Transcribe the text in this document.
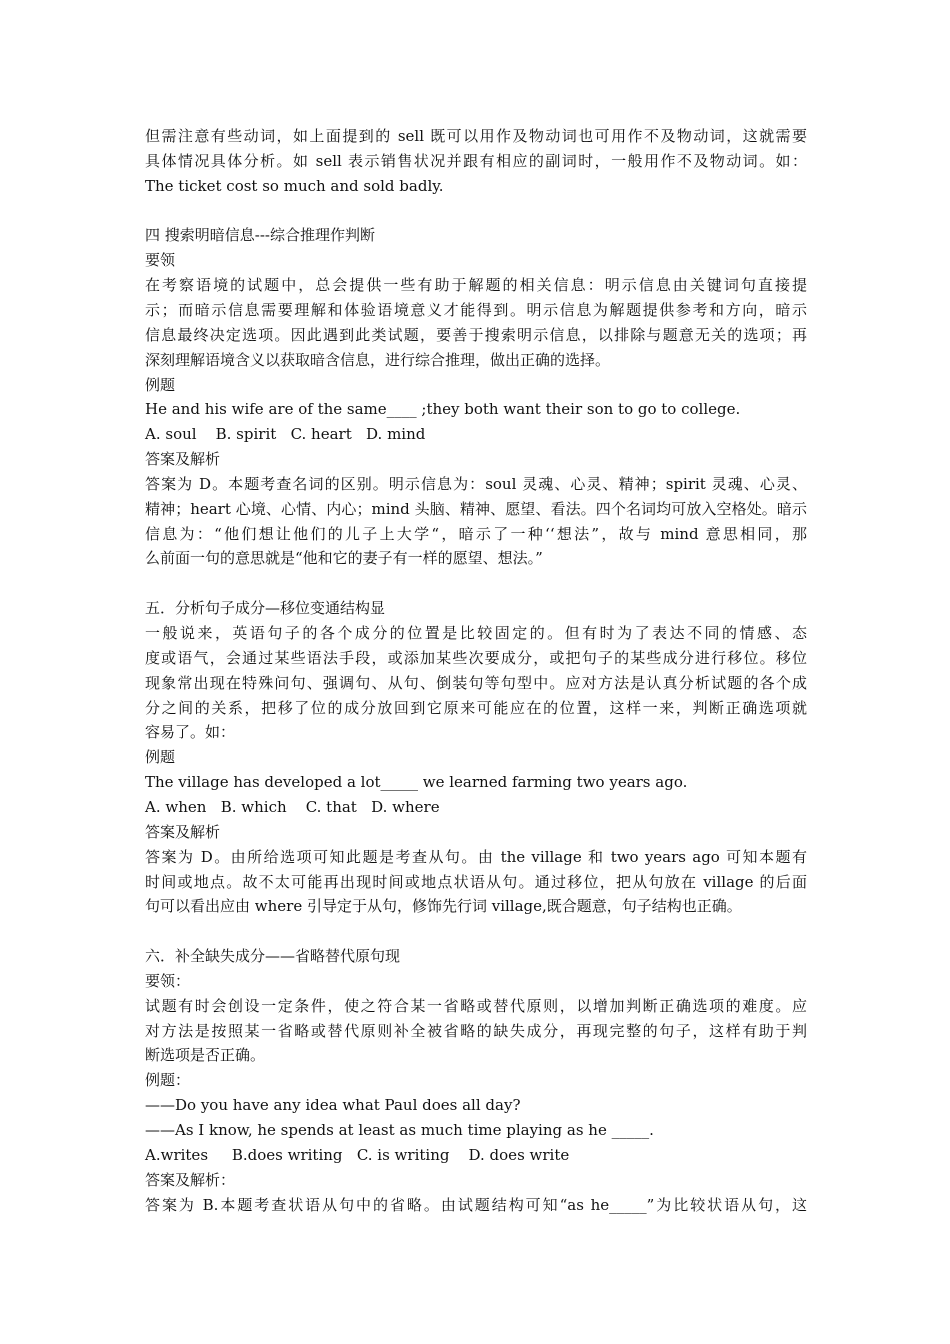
但需注意有些动词，如上面提到的 sell 既可以用作及物动词也可用作不及物动词，这就需要
具体情况具体分析。如 sell 表示销售状况并跟有相应的副词时，一般用作不及物动词。如：
The ticket cost so much and sold badly.
四 搜索明暗信息---综合推理作判断
要领
在考察语境的试题中，总会提供一些有助于解题的相关信息：明示信息由关键词句直接提
示；而暗示信息需要理解和体验语境意义才能得到。明示信息为解题提供参考和方向，暗示
信息最终决定选项。因此遇到此类试题，要善于搜索明示信息，以排除与题意无关的选项；再
深刻理解语境含义以获取暗含信息，进行综合推理，做出正确的选择。
例题
He and his wife are of the same____ ;they both want their son to go to college.
A. soul    B. spirit   C. heart   D. mind
答案及解析
答案为 D。本题考查名词的区别。明示信息为：soul 灵魂、心灵、精神；spirit 灵魂、心灵、
精神；heart 心境、心情、内心；mind 头脑、精神、愿望、看法。四个名词均可放入空格处。暗示
信息为：“他们想让他们的儿子上大学“，暗示了一种‘‘想法”，故与 mind 意思相同，那
么前面一句的意思就是“他和它的妻子有一样的愿望、想法。”
五．分析句子成分—移位变通结构显
一般说来，英语句子的各个成分的位置是比较固定的。但有时为了表达不同的情感、态
度或语气，会通过某些语法手段，或添加某些次要成分，或把句子的某些成分进行移位。移位
现象常出现在特殊问句、强调句、从句、倒装句等句型中。应对方法是认真分析试题的各个成
分之间的关系，把移了位的成分放回到它原来可能应在的位置，这样一来，判断正确选项就
容易了。如：
例题
The village has developed a lot_____ we learned farming two years ago.
A. when   B. which    C. that   D. where
答案及解析
答案为 D。由所给选项可知此题是考查从句。由 the village 和 two years ago 可知本题有
时间或地点。故不太可能再出现时间或地点状语从句。通过移位，把从句放在 village 的后面
句可以看出应由 where 引导定于从句，修饰先行词 village,既合题意，句子结构也正确。
六．补全缺失成分——省略替代原句现
要领：
试题有时会创设一定条件，使之符合某一省略或替代原则，以增加判断正确选项的难度。应
对方法是按照某一省略或替代原则补全被省略的缺失成分，再现完整的句子，这样有助于判
断选项是否正确。
例题：
——Do you have any idea what Paul does all day?
——As I know, he spends at least as much time playing as he _____.
A.writes     B.does writing   C. is writing    D. does write
答案及解析：
答案为 B.本题考查状语从句中的省略。由试题结构可知“as he_____”为比较状语从句，这
